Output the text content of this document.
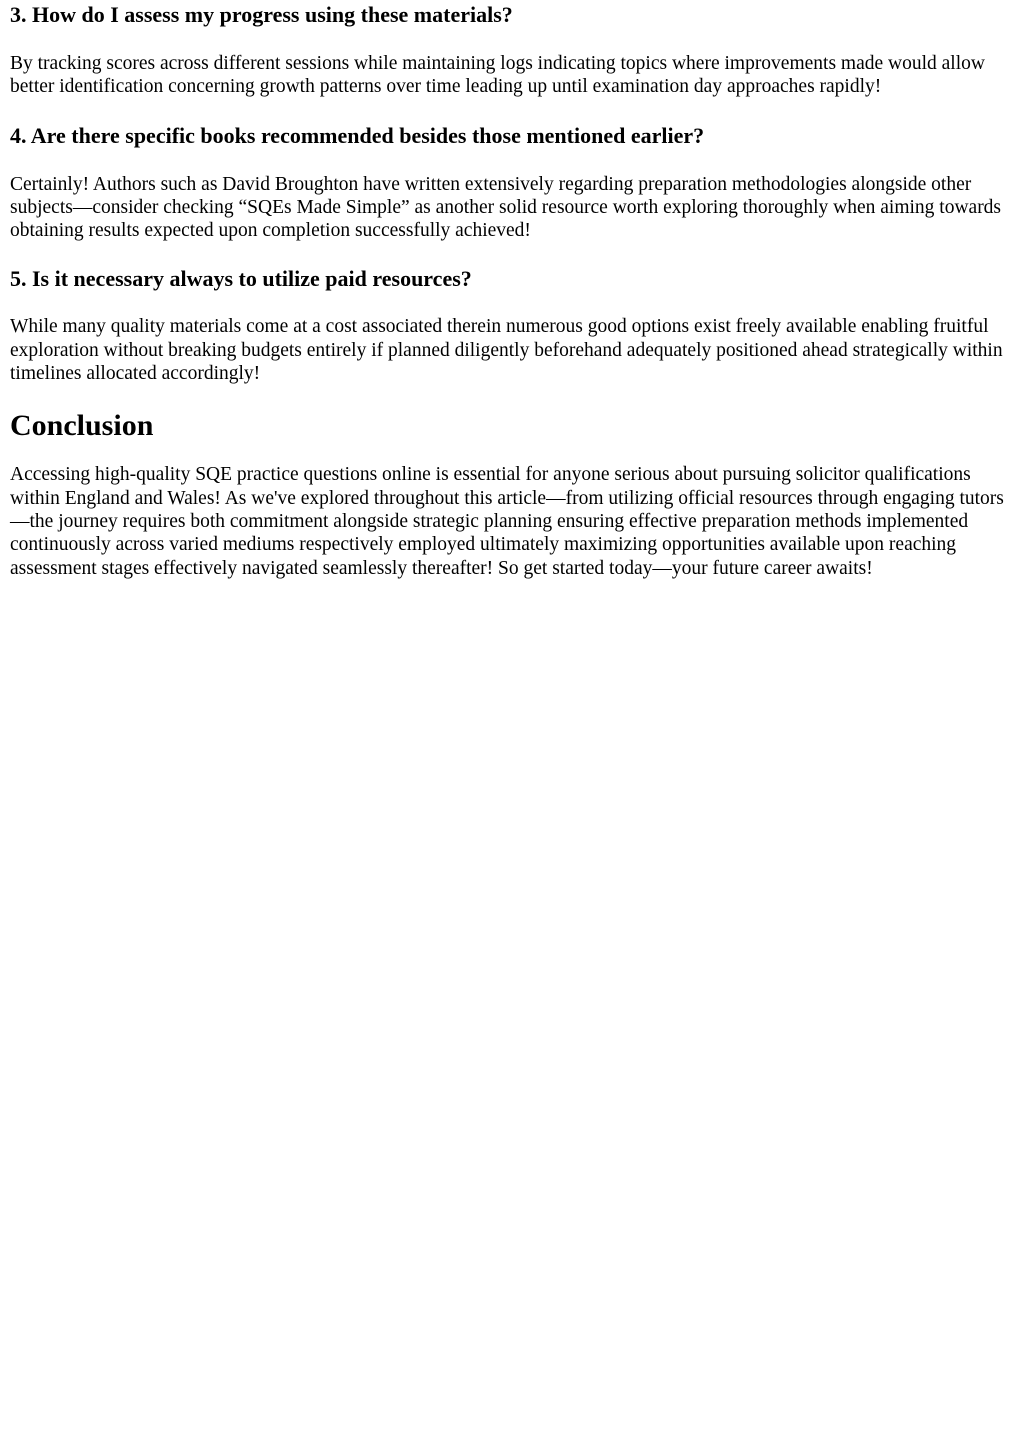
3. How do I assess my progress using these materials?

By tracking scores across different sessions while maintaining logs indicating topics where improvements made would allow better identification concerning growth patterns over time leading up until examination day approaches rapidly!

4. Are there specific books recommended besides those mentioned earlier?

Certainly! Authors such as David Broughton have written extensively regarding preparation methodologies alongside other subjects—consider checking “SQEs Made Simple” as another solid resource worth exploring thoroughly when aiming towards obtaining results expected upon completion successfully achieved!

5. Is it necessary always to utilize paid resources?

While many quality materials come at a cost associated therein numerous good options exist freely available enabling fruitful exploration without breaking budgets entirely if planned diligently beforehand adequately positioned ahead strategically within timelines allocated accordingly!

Conclusion

Accessing high-quality SQE practice questions online is essential for anyone serious about pursuing solicitor qualifications within England and Wales! As we've explored throughout this article—from utilizing official resources through engaging tutors—the journey requires both commitment alongside strategic planning ensuring effective preparation methods implemented continuously across varied mediums respectively employed ultimately maximizing opportunities available upon reaching assessment stages effectively navigated seamlessly thereafter! So get started today—your future career awaits!
